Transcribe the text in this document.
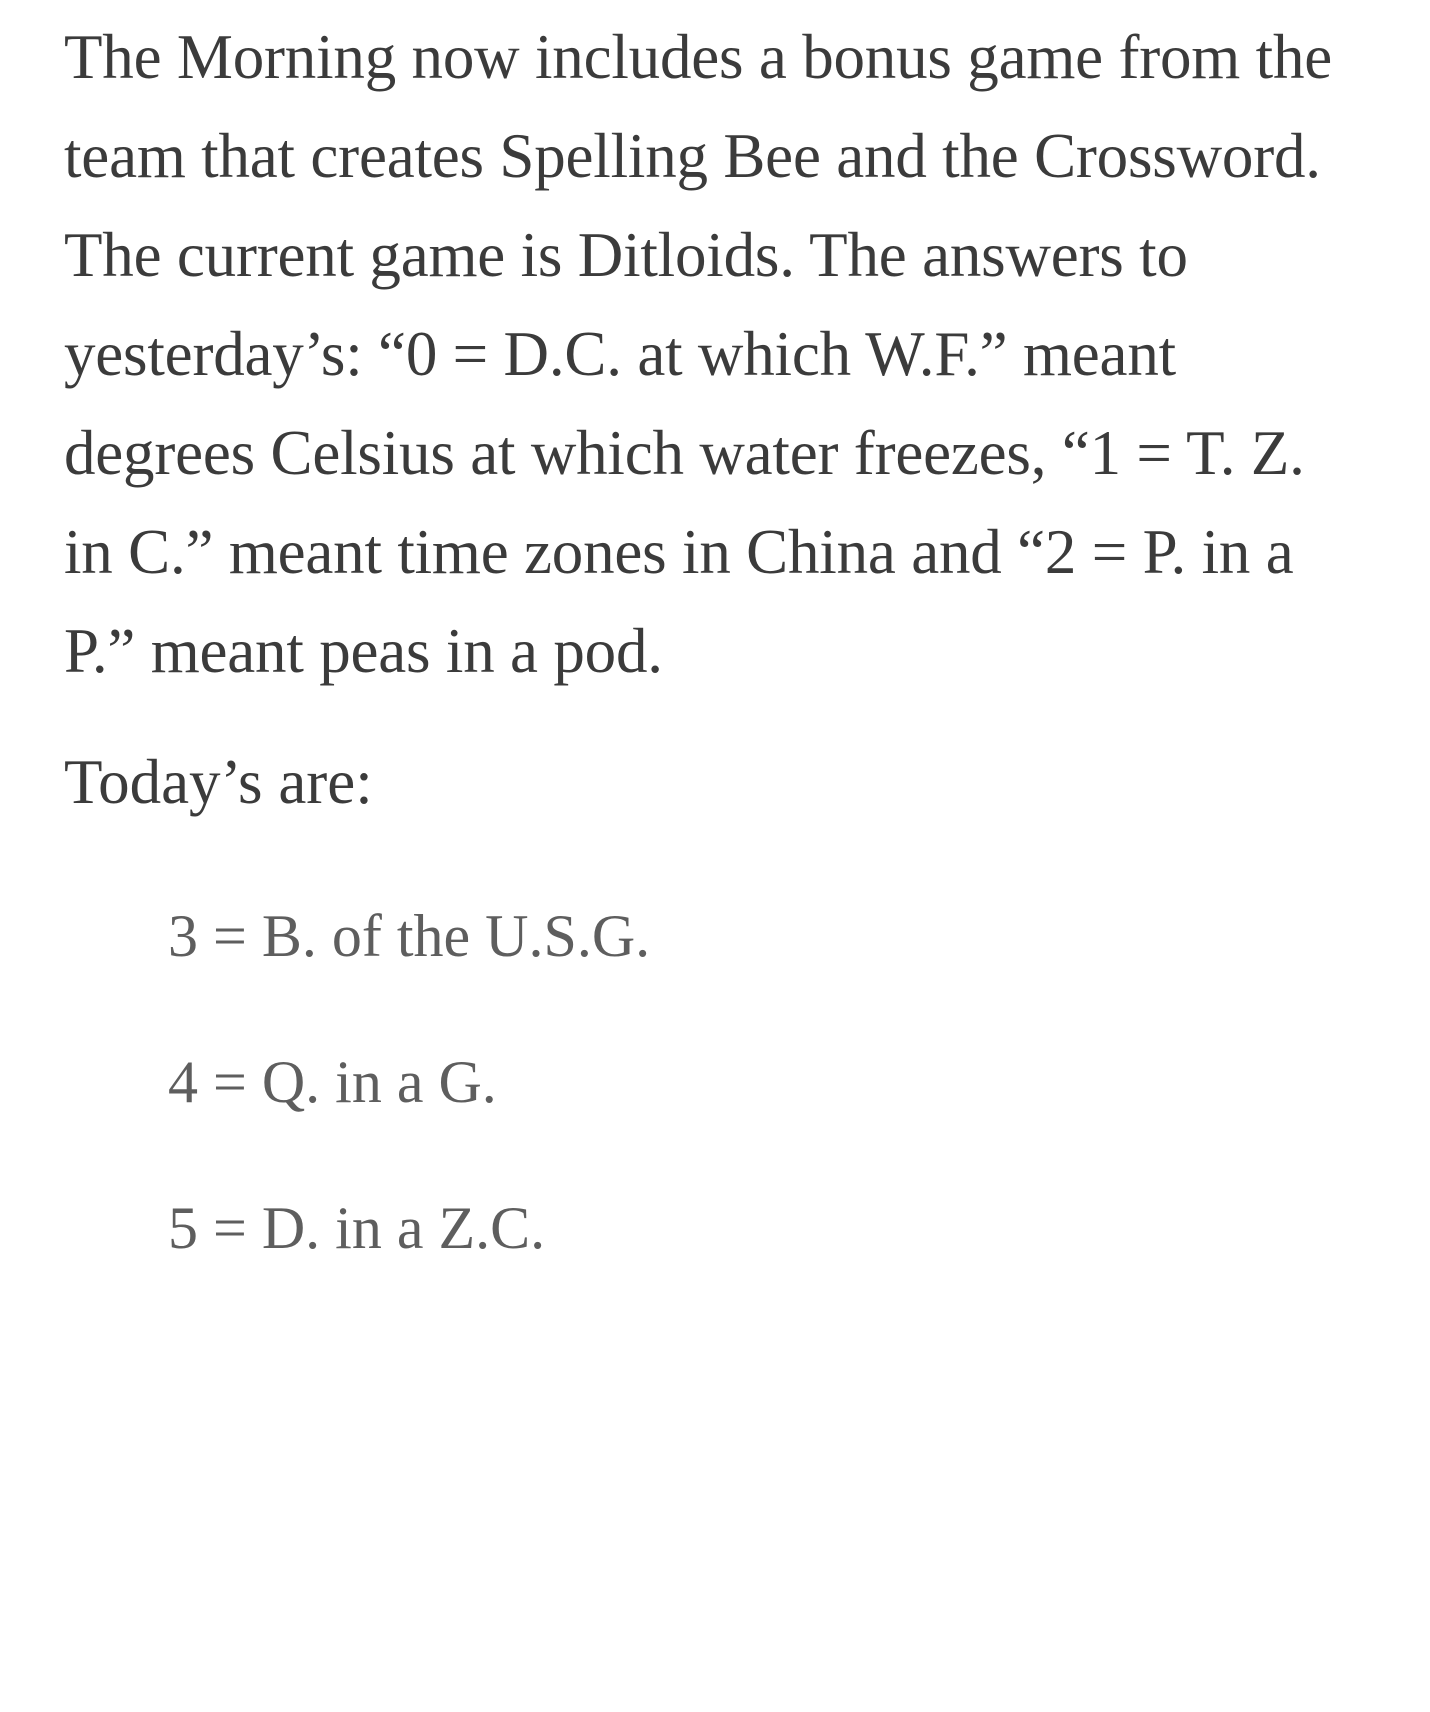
The Morning now includes a bonus game from the team that creates Spelling Bee and the Crossword. The current game is Ditloids. The answers to yesterday’s: “0 = D.C. at which W.F.” meant degrees Celsius at which water freezes, “1 = T. Z. in C.” meant time zones in China and “2 = P. in a P.” meant peas in a pod.

Today’s are:

3 = B. of the U.S.G.
4 = Q. in a G.
5 = D. in a Z.C.
